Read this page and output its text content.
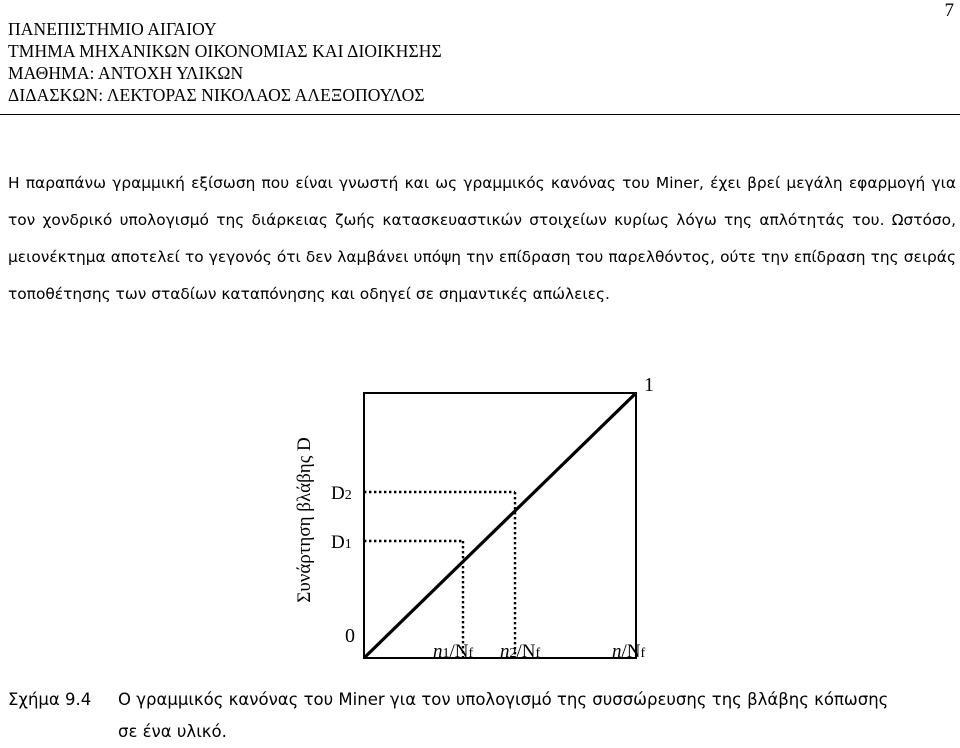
7
ΠΑΝΕΠΙΣΤΗΜΙΟ ΑΙΓΑΙΟΥ
ΤΜΗΜΑ ΜΗΧΑΝΙΚΩΝ ΟΙΚΟΝΟΜΙΑΣ ΚΑΙ ΔΙΟΙΚΗΣΗΣ
ΜΑΘΗΜΑ: ΑΝΤΟΧΗ ΥΛΙΚΩΝ
ΔΙΔΑΣΚΩΝ: ΛΕΚΤΟΡΑΣ ΝΙΚΟΛΑΟΣ ΑΛΕΞΟΠΟΥΛΟΣ

Η παραπάνω γραμμική εξίσωση που είναι γνωστή και ως γραμμικός κανόνας του Miner, έχει βρεί μεγάλη εφαρμογή για τον χονδρικό υπολογισμό της διάρκειας ζωής κατασκευαστικών στοιχείων κυρίως λόγω της απλότητάς του. Ωστόσο, μειονέκτημα αποτελεί το γεγονός ότι δεν λαμβάνει υπόψη την επίδραση του παρελθόντος, ούτε την επίδραση της σειράς τοποθέτησης των σταδίων καταπόνησης και οδηγεί σε σημαντικές απώλειες.

Συνάρτηση βλάβης D
1
0
D2
D1
n1/Nf n2/Nf	n/Nf
Σχήμα 9.4 Ο γραμμικός κανόνας του Miner για τον υπολογισμό της συσσώρευσης της βλάβης κόπωσης
σε ένα υλικό.
